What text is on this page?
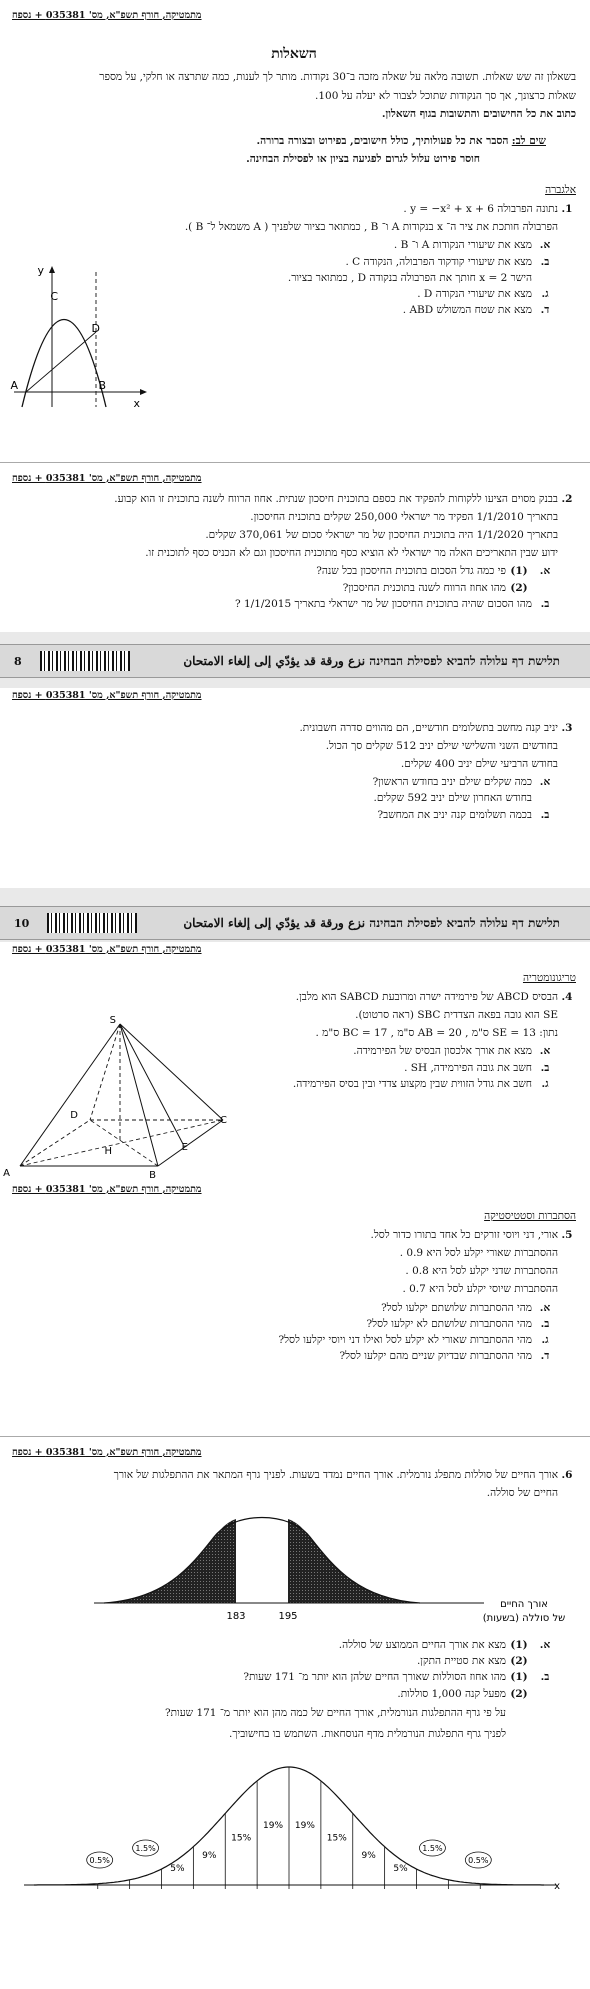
מתמטיקה, חורף תשפ"א, מס' 035381 + נספח

השאלות

בשאלון זה שש שאלות. תשובה מלאה על שאלה מזכה ב־30 נקודות. מותר לך לענות, כמה שתרצה או חלקי, על מספר

שאלות כרצונך, אך סך הנקודות שתוכל לצבור לא יעלה על 100.

כתוב את כל החישובים והתשובות בגוף השאלון.

שים לב: הסבר את כל פעולותיך, כולל חישובים, בפירוט ובצורה ברורה.

חוסר פירוט עלול לגרום לפגיעה בציון או לפסילת הבחינה.

אלגברה
1.

נתונה הפרבולה y = −x² + x + 6 .

הפרבולה חותכת את ציר ה־ x בנקודות A ו־ B , כמתואר בציור שלפניך ( A משמאל ל־ B ).

א.
מצא את שיעורי הנקודות A ו־ B .
ב.
מצא את שיעורי קודקוד הפרבולה, הנקודה C .
הישר x = 2 חותך את הפרבולה בנקודה D , כמתואר בציור.
ג.
מצא את שיעורי הנקודה D .
ד.
מצא את שטח המשולש ABD .
y
x
A	B
C
D

מתמטיקה, חורף תשפ"א, מס' 035381 + נספח

2.

בבנק מסוים הציעו ללקוחות להפקיד את כספם בתוכנית חיסכון שנתית. אחוז הרווח לשנה בתוכנית זו הוא קבוע.

בתאריך 1/1/2010 הפקיד מר ישראלי 250,000 שקלים בתוכנית החיסכון.

בתאריך 1/1/2020 היה בתוכנית החיסכון של מר ישראלי סכום של 370,061 שקלים.

ידוע שבין התאריכים האלה מר ישראלי לא הוציא כסף מתוכנית החיסכון וגם לא הכניס כסף לתוכנית זו.

א.
(1)
פי כמה גדל הסכום בתוכנית החיסכון בכל שנה?
(2)
מהו אחוז הרווח לשנה בתוכנית החיסכון?
ב.
מהו הסכום שהיה בתוכנית החיסכון של מר ישראלי בתאריך 1/1/2015 ?
תלישת דף עלולה להביא לפסילת הבחינה نزع ورقة قد يؤدّي إلى إلغاء الامتحان
8

מתמטיקה, חורף תשפ"א, מס' 035381 + נספח

3.

יניב קנה מחשב בתשלומים חודשיים, הם מהווים סדרה חשבונית.

בחודשים השני והשלישי שילם יניב 512 שקלים סך הכול.

בחודש הרביעי שילם יניב 400 שקלים.

א.
כמה שקלים שילם יניב בחודש הראשון?
בחודש האחרון שילם יניב 592 שקלים.
ב.
בכמה תשלומים קנה יניב את המחשב?
תלישת דף עלולה להביא לפסילת הבחינה نزع ورقة قد يؤدّي إلى إلغاء الامتحان
10

מתמטיקה, חורף תשפ"א, מס' 035381 + נספח

טריגונומטריה
4.

הבסיס ABCD של פירמידה ישרה ומרובעת SABCD הוא מלבן.

SE הוא גובה בפאה הצדדית SBC (ראה סרטוט).

נתון: SE = 13 ס"מ , AB = 20 ס"מ , BC = 17 ס"מ .

א.
מצא את אורך אלכסון הבסיס של הפירמידה.
ב.
חשב את גובה הפירמידה, SH .
ג.
חשב את גודל הזווית שבין מקצוע צדדי ובין בסיס הפירמידה.
S
A	B
C
D
E
H

מתמטיקה, חורף תשפ"א, מס' 035381 + נספח

הסתברות וסטטיסטיקה
5.

אורי, דני ויוסי זורקים כל אחד בתורו כדור לסל.

ההסתברות שאורי יקלע לסל היא 0.9 .

ההסתברות שדני יקלע לסל היא 0.8 .

ההסתברות שיוסי יקלע לסל היא 0.7 .

א.
מהי ההסתברות שלושתם יקלעו לסל?
ב.
מהי ההסתברות שלושתם לא יקלעו לסל?
ג.
מהי ההסתברות שאורי לא יקלע לסל ואילו דני ויוסי יקלעו לסל?
ד.
מהי ההסתברות שבדיוק שניים מהם יקלעו לסל?

מתמטיקה, חורף תשפ"א, מס' 035381 + נספח

6.

אורך החיים של סוללות מתפלג נורמלית. אורך החיים נמדד בשעות. לפניך גרף המתאר את ההתפלגות של אורך

החיים של סוללה.

183	195
אורך החיים
של סוללה (בשעות)
א.
(1)
מצא את אורך החיים הממוצע של סוללה.
(2)
מצא את סטיית התקן.
ב.
(1)
מהו אחוז הסוללות שאורך החיים שלהן הוא יותר מ־ 171 שעות?
(2)
מפעל קנה 1,000 סוללות.

על פי גרף ההתפלגות הנורמלית, אורך החיים של כמה מהן הוא יותר מ־ 171 שעות?

לפניך גרף התפלגות הנורמלית מדף הנוסחאות. השתמש בו בחישוביך.

x
0.5%
1.5%
5%
9%
15%
19% 19%
15%
9%
5%
1.5%
0.5%
